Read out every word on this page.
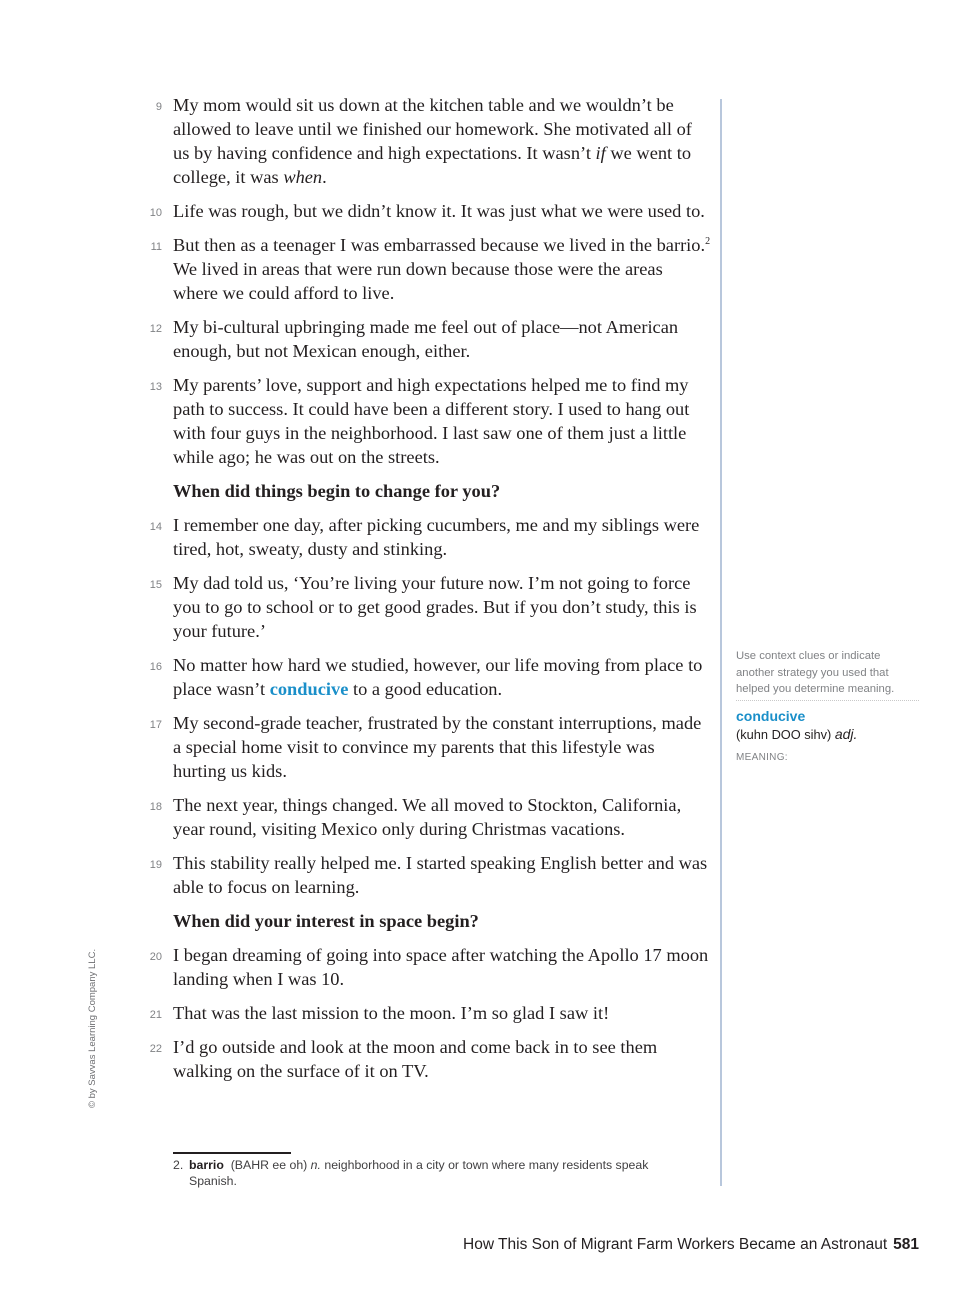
9 My mom would sit us down at the kitchen table and we wouldn’t be allowed to leave until we finished our homework. She motivated all of us by having confidence and high expectations. It wasn’t if we went to college, it was when.

10 Life was rough, but we didn’t know it. It was just what we were used to.

11 But then as a teenager I was embarrassed because we lived in the barrio.$^2$ We lived in areas that were run down because those were the areas where we could afford to live.

12 My bi-cultural upbringing made me feel out of place—not American enough, but not Mexican enough, either.

13 My parents’ love, support and high expectations helped me to find my path to success. It could have been a different story. I used to hang out with four guys in the neighborhood. I last saw one of them just a little while ago; he was out on the streets.

When did things begin to change for you?

14 I remember one day, after picking cucumbers, me and my siblings were tired, hot, sweaty, dusty and stinking.

15 My dad told us, ‘You’re living your future now. I’m not going to force you to go to school or to get good grades. But if you don’t study, this is your future.’

16 No matter how hard we studied, however, our life moving from place to place wasn’t conducive to a good education.

17 My second-grade teacher, frustrated by the constant interruptions, made a special home visit to convince my parents that this lifestyle was hurting us kids.

18 The next year, things changed. We all moved to Stockton, California, year round, visiting Mexico only during Christmas vacations.

19 This stability really helped me. I started speaking English better and was able to focus on learning.

When did your interest in space begin?

20 I began dreaming of going into space after watching the Apollo 17 moon landing when I was 10.

21 That was the last mission to the moon. I’m so glad I saw it!

22 I’d go outside and look at the moon and come back in to see them walking on the surface of it on TV.

Use context clues or indicate another strategy you used that helped you determine meaning.
conducive
(kuhn DOO sihv) adj.
MEANING:
© by Savvas Learning Company LLC.
2. barrio (BAHR ee oh) n. neighborhood in a city or town where many residents speak Spanish.
How This Son of Migrant Farm Workers Became an Astronaut 581
